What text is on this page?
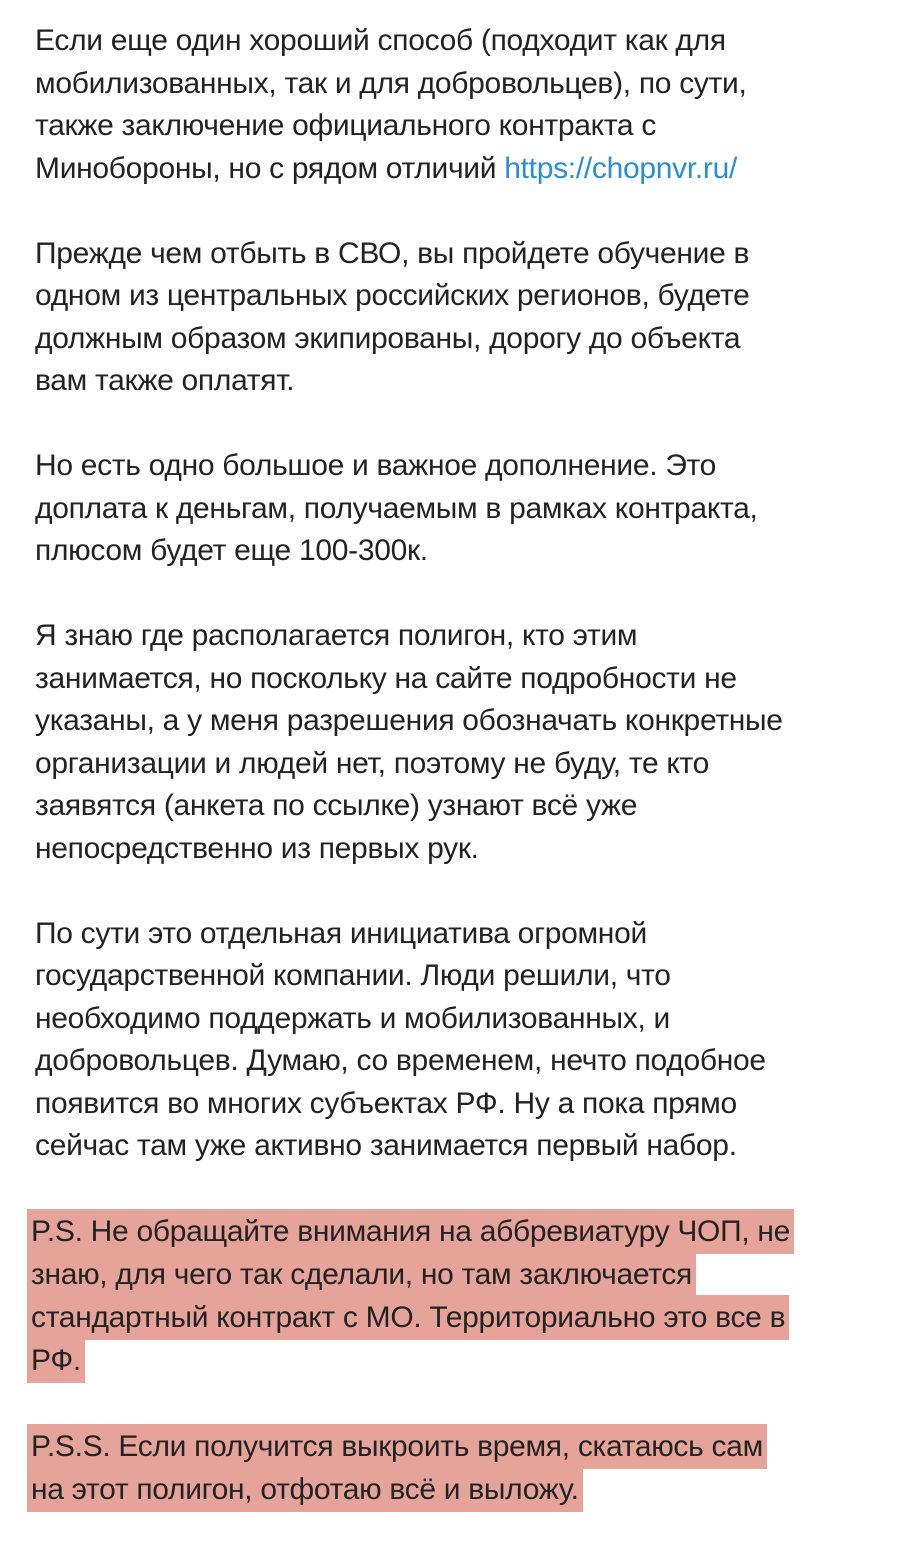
Если еще один хороший способ (подходит как для
мобилизованных, так и для добровольцев), по сути,
также заключение официального контракта с
Минобороны, но с рядом отличий https://chopnvr.ru/

Прежде чем отбыть в СВО, вы пройдете обучение в
одном из центральных российских регионов, будете
должным образом экипированы, дорогу до объекта
вам также оплатят.

Но есть одно большое и важное дополнение. Это
доплата к деньгам, получаемым в рамках контракта,
плюсом будет еще 100-300к.

Я знаю где располагается полигон, кто этим
занимается, но поскольку на сайте подробности не
указаны, а у меня разрешения обозначать конкретные
организации и людей нет, поэтому не буду, те кто
заявятся (анкета по ссылке) узнают всё уже
непосредственно из первых рук.

По сути это отдельная инициатива огромной
государственной компании. Люди решили, что
необходимо поддержать и мобилизованных, и
добровольцев. Думаю, со временем, нечто подобное
появится во многих субъектах РФ. Ну а пока прямо
сейчас там уже активно занимается первый набор.

P.S. Не обращайте внимания на аббревиатуру ЧОП, не
знаю, для чего так сделали, но там заключается
стандартный контракт с МО. Территориально это все в
РФ.

P.S.S. Если получится выкроить время, скатаюсь сам
на этот полигон, отфотаю всё и выложу.
